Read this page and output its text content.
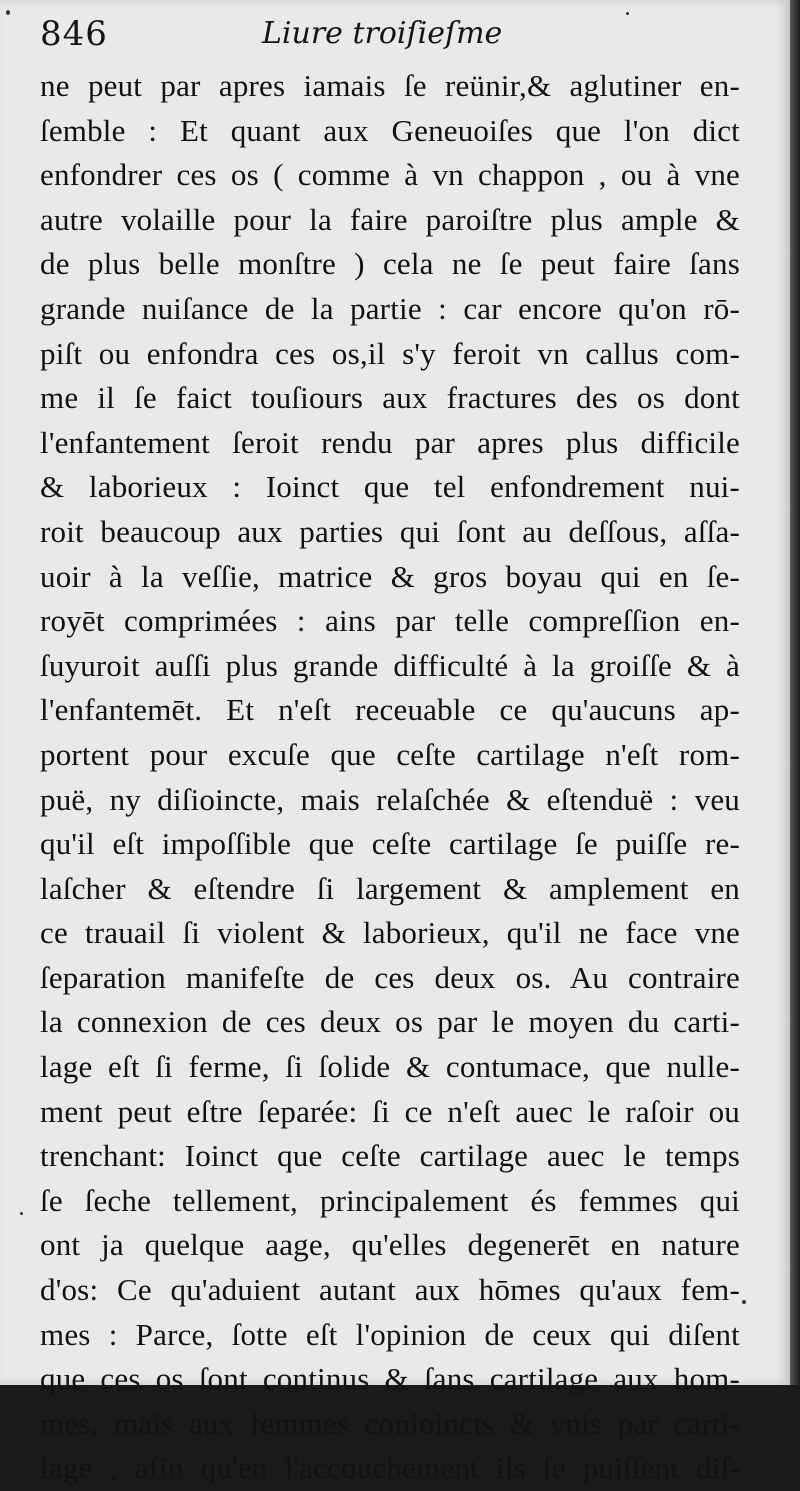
846	Liure troiſieſme
ne peut par apres iamais ſe reünir,& aglutiner en-
ſemble : Et quant aux Geneuoiſes que l'on dict
enfondrer ces os ( comme à vn chappon , ou à vne
autre volaille pour la faire paroiſtre plus ample &
de plus belle monſtre ) cela ne ſe peut faire ſans
grande nuiſance de la partie : car encore qu'on rō-
piſt ou enfondra ces os,il s'y feroit vn callus com-
me il ſe faict touſiours aux fractures des os dont
l'enfantement ſeroit rendu par apres plus difficile
& laborieux : Ioinct que tel enfondrement nui-
roit beaucoup aux parties qui ſont au deſſous, aſſa-
uoir à la veſſie, matrice & gros boyau qui en ſe-
royēt comprimées : ains par telle compreſſion en-
ſuyuroit auſſi plus grande difficulté à la groiſſe & à
l'enfantemēt. Et n'eſt receuable ce qu'aucuns ap-
portent pour excuſe que ceſte cartilage n'eſt rom-
puë, ny diſioincte, mais relaſchée & eſtenduë : veu
qu'il eſt impoſſible que ceſte cartilage ſe puiſſe re-
laſcher & eſtendre ſi largement & amplement en
ce trauail ſi violent & laborieux, qu'il ne face vne
ſeparation manifeſte de ces deux os. Au contraire
la connexion de ces deux os par le moyen du carti-
lage eſt ſi ferme, ſi ſolide & contumace, que nulle-
ment peut eſtre ſeparée: ſi ce n'eſt auec le raſoir ou
trenchant: Ioinct que ceſte cartilage auec le temps
ſe ſeche tellement, principalement és femmes qui
ont ja quelque aage, qu'elles degenerēt en nature
d'os: Ce qu'aduient autant aux hōmes qu'aux fem-
mes : Parce, ſotte eſt l'opinion de ceux qui diſent
que ces os ſont continus & ſans cartilage aux hom-
mes, mais aux femmes conioincts & vnis par carti-
lage , afin qu'en l'accouchement ils ſe puiſſent diſ-
